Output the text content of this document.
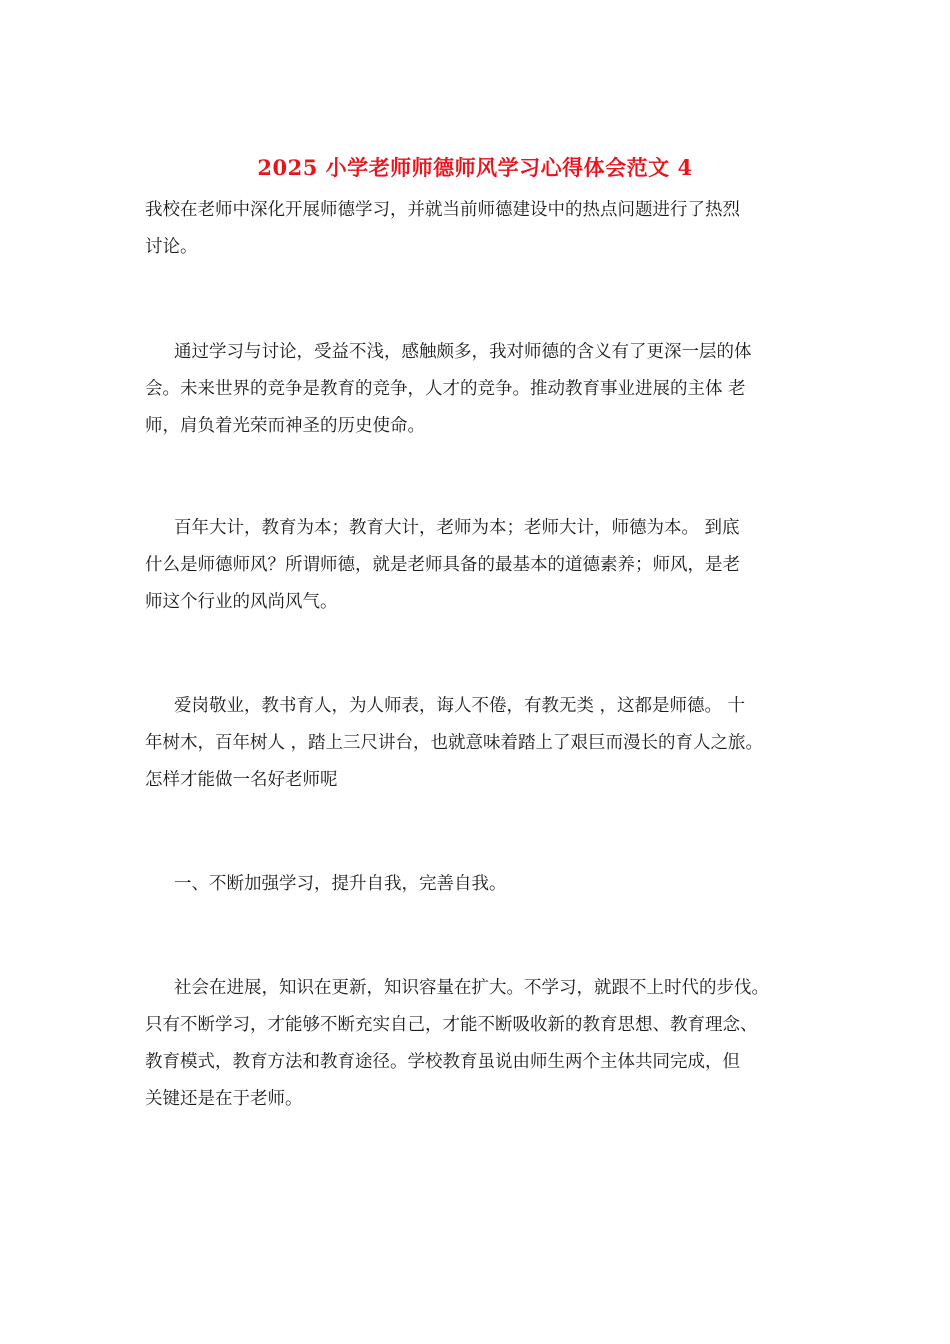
2025 小学老师师德师风学习心得体会范文 4
我校在老师中深化开展师德学习，并就当前师德建设中的热点问题进行了热烈
讨论。
通过学习与讨论，受益不浅，感触颇多，我对师德的含义有了更深一层的体
会。未来世界的竞争是教育的竞争，人才的竞争。推动教育事业进展的主体 老
师，肩负着光荣而神圣的历史使命。
百年大计，教育为本；教育大计，老师为本；老师大计，师德为本。 到底
什么是师德师风？所谓师德，就是老师具备的最基本的道德素养；师风，是老
师这个行业的风尚风气。
爱岗敬业，教书育人，为人师表，诲人不倦，有教无类 ，这都是师德。 十
年树木，百年树人 ，踏上三尺讲台，也就意味着踏上了艰巨而漫长的育人之旅。
怎样才能做一名好老师呢
一、不断加强学习，提升自我，完善自我。
社会在进展，知识在更新，知识容量在扩大。不学习，就跟不上时代的步伐。
只有不断学习，才能够不断充实自己，才能不断吸收新的教育思想、教育理念、
教育模式，教育方法和教育途径。学校教育虽说由师生两个主体共同完成，但
关键还是在于老师。
